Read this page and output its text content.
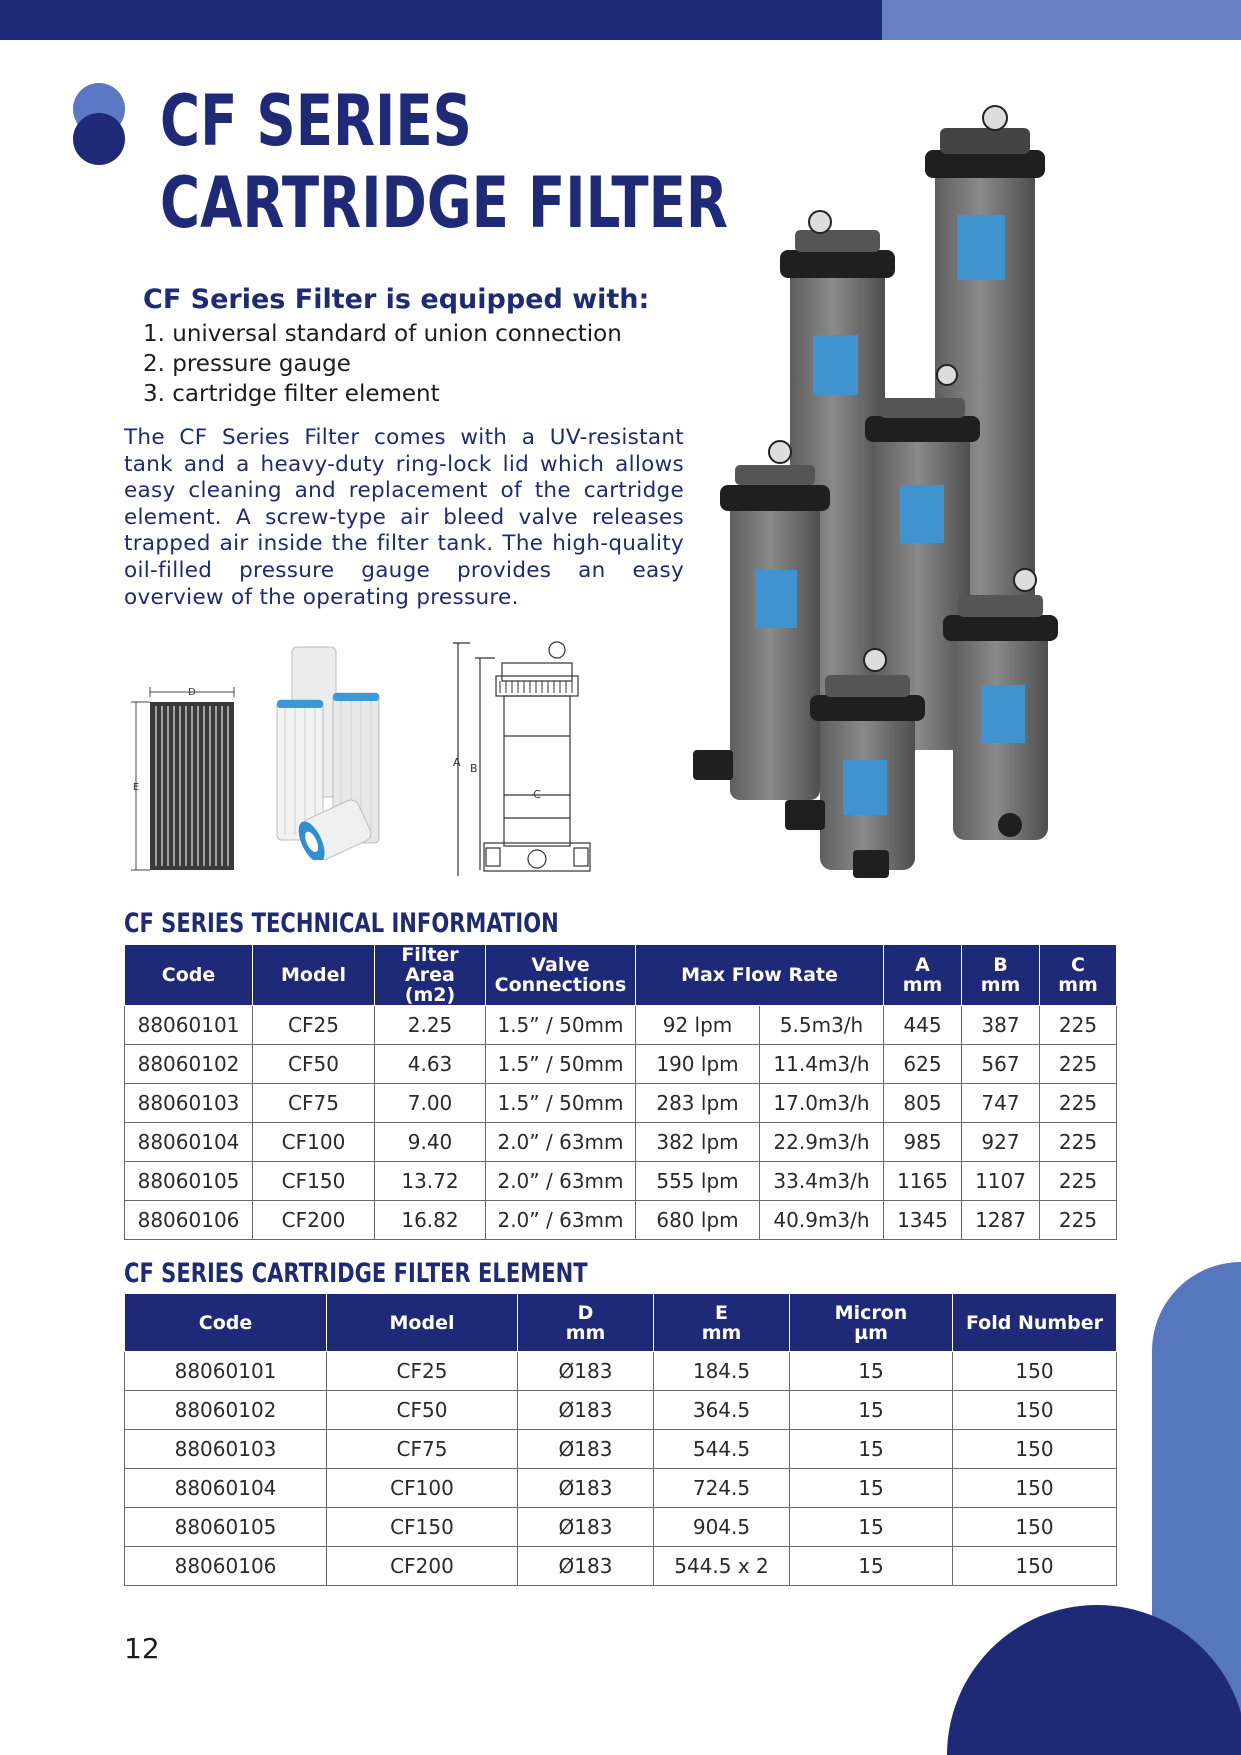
CF SERIES
CARTRIDGE FILTER
CF Series Filter is equipped with:
1. universal standard of union connection
2. pressure gauge
3. cartridge filter element

The CF Series Filter comes with a UV-resistant tank and a heavy-duty ring-lock lid which allows easy cleaning and replacement of the cartridge element. A screw-type air bleed valve releases trapped air inside the filter tank. The high-quality oil-filled pressure gauge provides an easy overview of the operating pressure.

D
E
A B
C
CF SERIES TECHNICAL INFORMATION
Code	Model	Filter
Area (m2)	Valve
Connections	Max Flow Rate		A
mm	B
mm	C
mm

88060101	CF25	2.25	1.5” / 50mm	92 lpm	5.5m3/h	445	387	225
88060102	CF50	4.63	1.5” / 50mm	190 lpm	11.4m3/h	625	567	225
88060103	CF75	7.00	1.5” / 50mm	283 lpm	17.0m3/h	805	747	225
88060104	CF100	9.40	2.0” / 63mm	382 lpm	22.9m3/h	985	927	225
88060105	CF150	13.72	2.0” / 63mm	555 lpm	33.4m3/h	1165	1107	225
88060106	CF200	16.82	2.0” / 63mm	680 lpm	40.9m3/h	1345	1287	225
CF SERIES CARTRIDGE FILTER ELEMENT
Code	Model	D
mm	E
mm	Micron
µm	Fold Number
88060101	CF25	Ø183	184.5	15	150
88060102	CF50	Ø183	364.5	15	150
88060103	CF75	Ø183	544.5	15	150
88060104	CF100	Ø183	724.5	15	150
88060105	CF150	Ø183	904.5	15	150
88060106	CF200	Ø183	544.5 x 2	15	150
12
